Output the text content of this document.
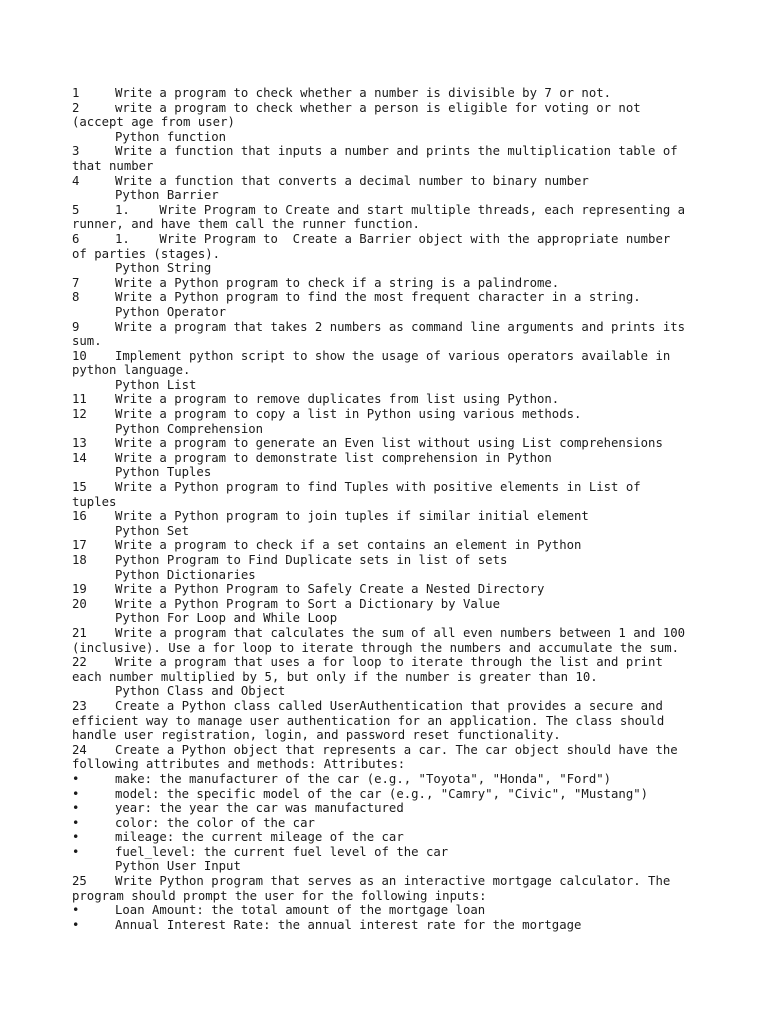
1	Write a program to check whether a number is divisible by 7 or not.
2	write a program to check whether a person is eligible for voting or not
(accept age from user)
Python function
3	Write a function that inputs a number and prints the multiplication table of
that number
4	Write a function that converts a decimal number to binary number
Python Barrier
5	1.    Write Program to Create and start multiple threads, each representing a
runner, and have them call the runner function.
6	1.    Write Program to  Create a Barrier object with the appropriate number
of parties (stages).
Python String
7	Write a Python program to check if a string is a palindrome.
8	Write a Python program to find the most frequent character in a string.
Python Operator
9	Write a program that takes 2 numbers as command line arguments and prints its
sum.
10 Implement python script to show the usage of various operators available in
python language.
Python List
11 Write a program to remove duplicates from list using Python.
12 Write a program to copy a list in Python using various methods.
Python Comprehension
13 Write a program to generate an Even list without using List comprehensions
14 Write a program to demonstrate list comprehension in Python
Python Tuples
15 Write a Python program to find Tuples with positive elements in List of
tuples
16 Write a Python program to join tuples if similar initial element
Python Set
17 Write a program to check if a set contains an element in Python
18 Python Program to Find Duplicate sets in list of sets
Python Dictionaries
19 Write a Python Program to Safely Create a Nested Directory
20 Write a Python Program to Sort a Dictionary by Value
Python For Loop and While Loop
21 Write a program that calculates the sum of all even numbers between 1 and 100
(inclusive). Use a for loop to iterate through the numbers and accumulate the sum.
22 Write a program that uses a for loop to iterate through the list and print
each number multiplied by 5, but only if the number is greater than 10.
Python Class and Object
23 Create a Python class called UserAuthentication that provides a secure and
efficient way to manage user authentication for an application. The class should
handle user registration, login, and password reset functionality.
24 Create a Python object that represents a car. The car object should have the
following attributes and methods: Attributes:
•	make: the manufacturer of the car (e.g., "Toyota", "Honda", "Ford")
•	model: the specific model of the car (e.g., "Camry", "Civic", "Mustang")
•	year: the year the car was manufactured
•	color: the color of the car
•	mileage: the current mileage of the car
•	fuel_level: the current fuel level of the car
Python User Input
25 Write Python program that serves as an interactive mortgage calculator. The
program should prompt the user for the following inputs:
•	Loan Amount: the total amount of the mortgage loan
•	Annual Interest Rate: the annual interest rate for the mortgage
